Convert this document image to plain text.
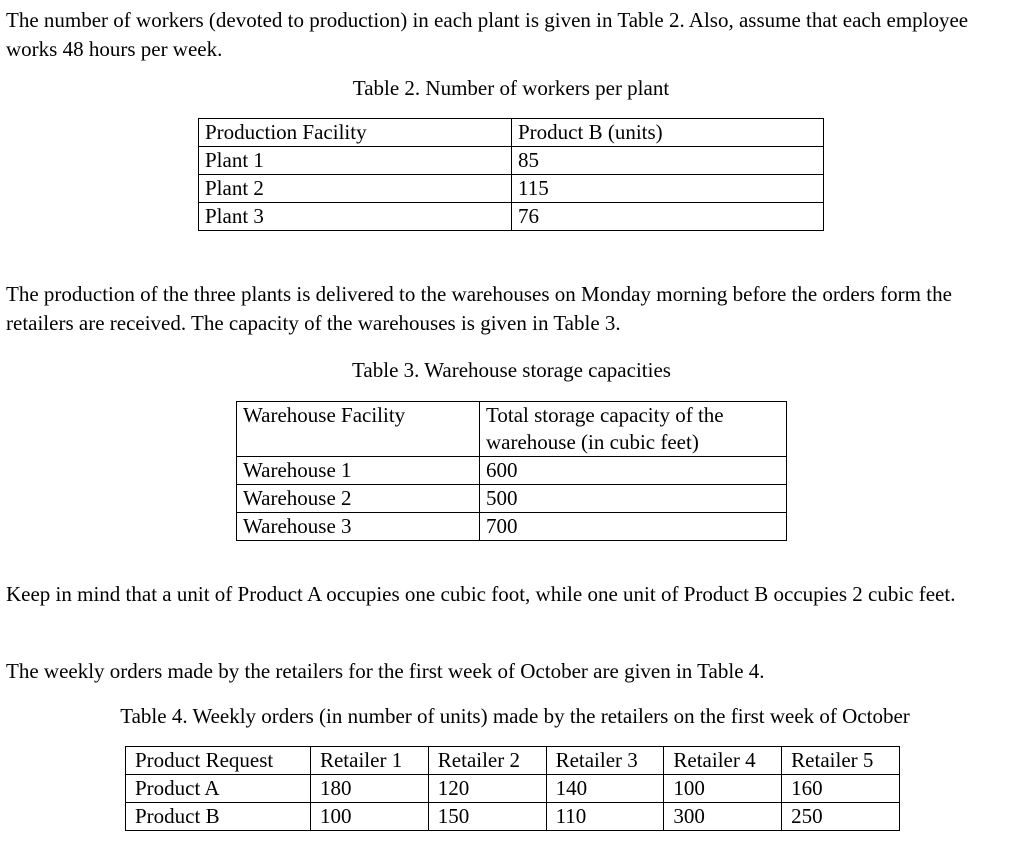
The number of workers (devoted to production) in each plant is given in Table 2. Also, assume that each employee works 48 hours per week.

Table 2. Number of workers per plant

Production Facility	Product B (units)
Plant 1	85
Plant 2	115
Plant 3	76

The production of the three plants is delivered to the warehouses on Monday morning before the orders form the retailers are received. The capacity of the warehouses is given in Table 3.

Table 3. Warehouse storage capacities

Warehouse Facility	Total storage capacity of the warehouse (in cubic feet)
Warehouse 1	600
Warehouse 2	500
Warehouse 3	700

Keep in mind that a unit of Product A occupies one cubic foot, while one unit of Product B occupies 2 cubic feet.

The weekly orders made by the retailers for the first week of October are given in Table 4.

Table 4. Weekly orders (in number of units) made by the retailers on the first week of October

Product Request	Retailer 1	Retailer 2	Retailer 3	Retailer 4	Retailer 5
Product A	180	120	140	100	160
Product B	100	150	110	300	250
